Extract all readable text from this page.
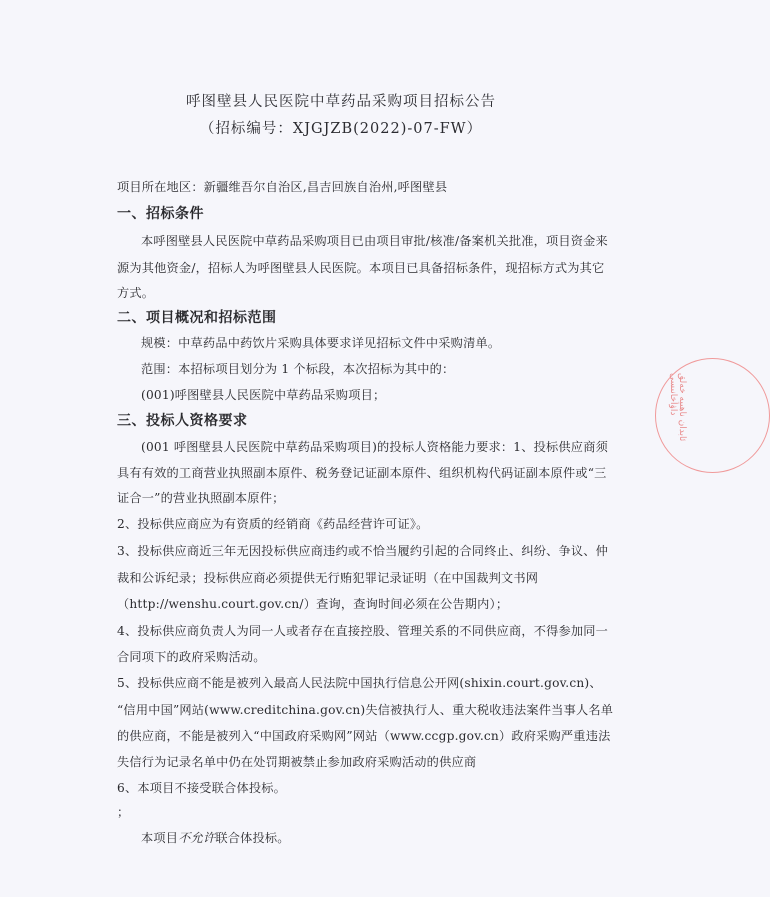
呼图壁县人民医院中草药品采购项目招标公告
（招标编号：XJGJZB(2022)-07-FW）
项目所在地区：新疆维吾尔自治区,昌吉回族自治州,呼图壁县
一、招标条件
本呼图壁县人民医院中草药品采购项目已由项目审批/核准/备案机关批准，项目资金来
源为其他资金/，招标人为呼图壁县人民医院。本项目已具备招标条件，现招标方式为其它
方式。
二、项目概况和招标范围
规模：中草药品中药饮片采购具体要求详见招标文件中采购清单。
范围：本招标项目划分为 1 个标段，本次招标为其中的：
(001)呼图壁县人民医院中草药品采购项目；
三、投标人资格要求
(001 呼图壁县人民医院中草药品采购项目)的投标人资格能力要求：1、投标供应商须
具有有效的工商营业执照副本原件、税务登记证副本原件、组织机构代码证副本原件或“三
证合一”的营业执照副本原件；
2、投标供应商应为有资质的经销商《药品经营许可证》。
3、投标供应商近三年无因投标供应商违约或不恰当履约引起的合同终止、纠纷、争议、仲
裁和公诉纪录；投标供应商必须提供无行贿犯罪记录证明（在中国裁判文书网
（http://wenshu.court.gov.cn/）查询，查询时间必须在公告期内）；
4、投标供应商负责人为同一人或者存在直接控股、管理关系的不同供应商，不得参加同一
合同项下的政府采购活动。
5、投标供应商不能是被列入最高人民法院中国执行信息公开网(shixin.court.gov.cn)、
“信用中国”网站(www.creditchina.gov.cn)失信被执行人、重大税收违法案件当事人名单
的供应商，不能是被列入“中国政府采购网”网站（www.ccgp.gov.cn）政府采购严重违法
失信行为记录名单中仍在处罚期被禁止参加政府采购活动的供应商
6、本项目不接受联合体投标。
；
本项目不允许联合体投标。
ﺋﺎﺑﺪﺍﻥ ﻧﺎﻫﯩﻴﻪ ﺧﻪﻟﻖ ﺩﺍﯞﺍﺧﺎﻧﯩﺴﻰ
